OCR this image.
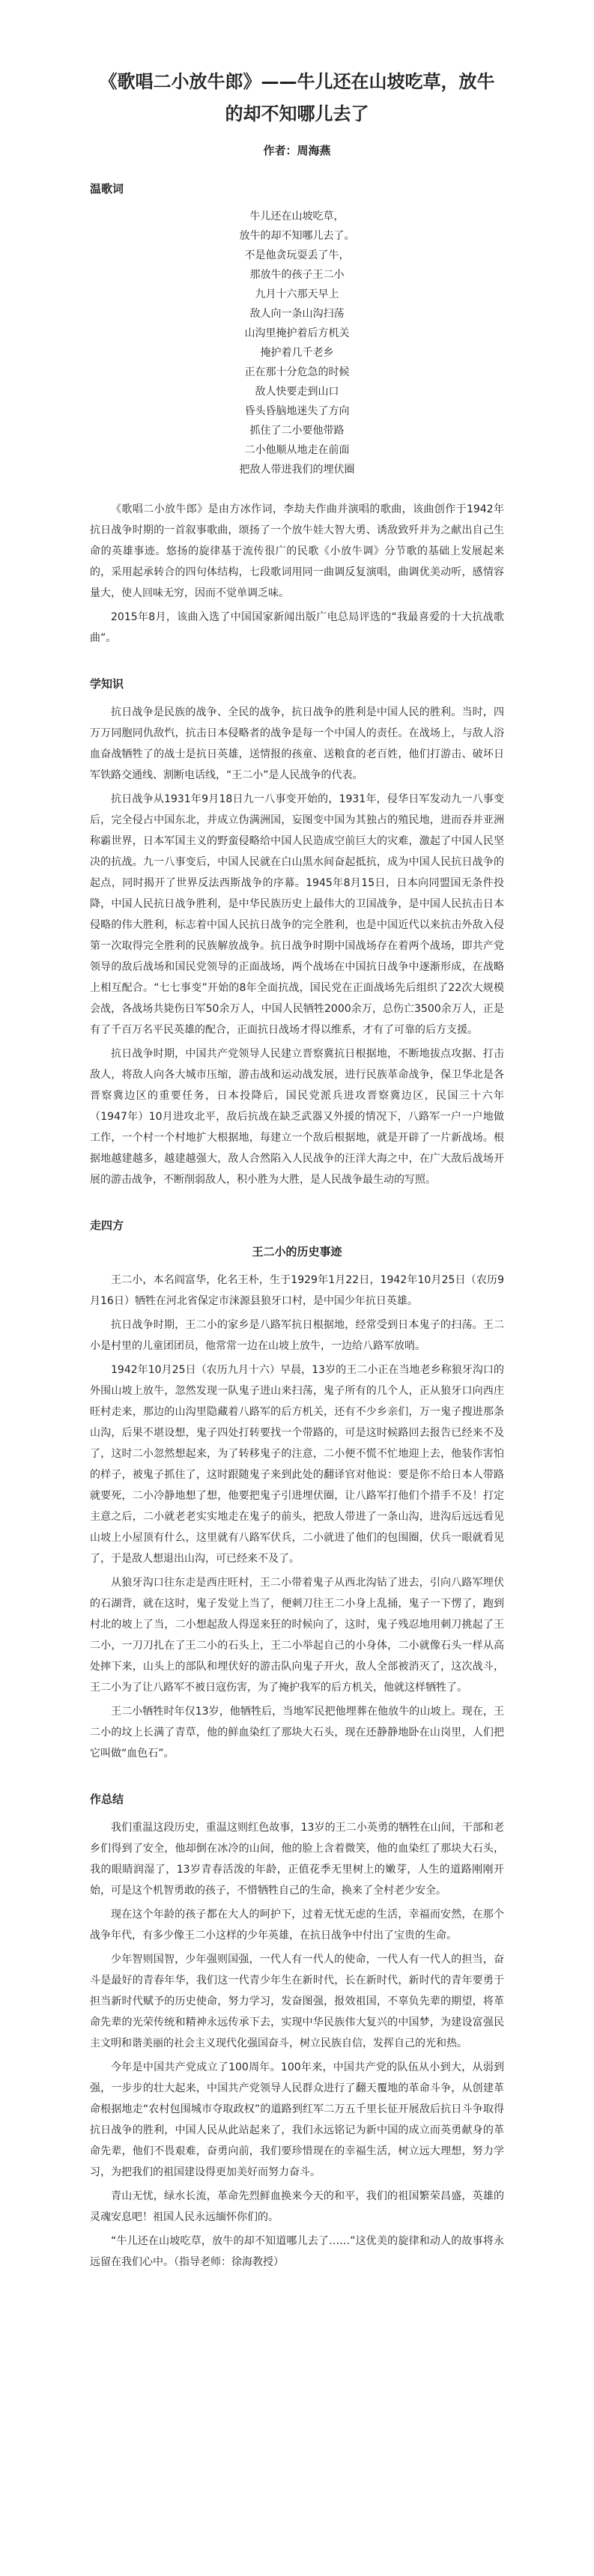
《歌唱二小放牛郎》——牛儿还在山坡吃草，放牛的却不知哪儿去了
作者：周海燕
温歌词
牛儿还在山坡吃草，
放牛的却不知哪儿去了。
不是他贪玩耍丢了牛，
那放牛的孩子王二小
九月十六那天早上
敌人向一条山沟扫荡
山沟里掩护着后方机关
掩护着几千老乡
正在那十分危急的时候
敌人快要走到山口
昏头昏脑地迷失了方向
抓住了二小要他带路
二小他顺从地走在前面
把敌人带进我们的埋伏圈

《歌唱二小放牛郎》是由方冰作词，李劫夫作曲并演唱的歌曲，该曲创作于1942年抗日战争时期的一首叙事歌曲，颂扬了一个放牛娃大智大勇、诱敌致歼并为之献出自己生命的英雄事迹。悠扬的旋律基于流传很广的民歌《小放牛调》分节歌的基础上发展起来的，采用起承转合的四句体结构，七段歌词用同一曲调反复演唱，曲调优美动听，感情容量大，使人回味无穷，因而不觉单调乏味。

2015年8月，该曲入选了中国国家新闻出版广电总局评选的“我最喜爱的十大抗战歌曲”。

学知识

抗日战争是民族的战争、全民的战争，抗日战争的胜利是中国人民的胜利。当时，四万万同胞同仇敌忾，抗击日本侵略者的战争是每一个中国人的责任。在战场上，与敌人浴血奋战牺牲了的战士是抗日英雄，送情报的孩童、送粮食的老百姓，他们打游击、破坏日军铁路交通线、割断电话线，“王二小”是人民战争的代表。

抗日战争从1931年9月18日九一八事变开始的，1931年，侵华日军发动九一八事变后，完全侵占中国东北，并成立伪满洲国，妄图变中国为其独占的殖民地，进而吞并亚洲称霸世界，日本军国主义的野蛮侵略给中国人民造成空前巨大的灾难，激起了中国人民坚决的抗战。九一八事变后，中国人民就在白山黑水间奋起抵抗，成为中国人民抗日战争的起点，同时揭开了世界反法西斯战争的序幕。1945年8月15日，日本向同盟国无条件投降，中国人民抗日战争胜利，是中华民族历史上最伟大的卫国战争，是中国人民抗击日本侵略的伟大胜利，标志着中国人民抗日战争的完全胜利，也是中国近代以来抗击外敌入侵第一次取得完全胜利的民族解放战争。抗日战争时期中国战场存在着两个战场，即共产党领导的敌后战场和国民党领导的正面战场，两个战场在中国抗日战争中逐渐形成，在战略上相互配合。“七七事变”开始的8年全面抗战，国民党在正面战场先后组织了22次大规模会战，各战场共毙伤日军50余万人，中国人民牺牲2000余万，总伤亡3500余万人，正是有了千百万名平民英雄的配合，正面抗日战场才得以维系，才有了可靠的后方支援。

抗日战争时期，中国共产党领导人民建立晋察冀抗日根据地，不断地拔点攻据、打击敌人，将敌人向各大城市压缩，游击战和运动战发展，进行民族革命战争，保卫华北是各晋察冀边区的重要任务，日本投降后，国民党派兵进攻晋察冀边区，民国三十六年（1947年）10月进攻北平，敌后抗战在缺乏武器又外援的情况下，八路军一户一户地做工作，一个村一个村地扩大根据地，每建立一个敌后根据地，就是开辟了一片新战场。根据地越建越多，越建越强大，敌人合然陷入人民战争的汪洋大海之中，在广大敌后战场开展的游击战争，不断削弱敌人，积小胜为大胜，是人民战争最生动的写照。

走四方
王二小的历史事迹

王二小，本名阎富华，化名王朴，生于1929年1月22日，1942年10月25日（农历9月16日）牺牲在河北省保定市涞源县狼牙口村，是中国少年抗日英雄。

抗日战争时期，王二小的家乡是八路军抗日根据地，经常受到日本鬼子的扫荡。王二小是村里的儿童团团员，他常常一边在山坡上放牛，一边给八路军放哨。

1942年10月25日（农历九月十六）早晨，13岁的王二小正在当地老乡称狼牙沟口的外围山坡上放牛，忽然发现一队鬼子进山来扫荡，鬼子所有的几个人，正从狼牙口向西庄旺村走来，那边的山沟里隐藏着八路军的后方机关，还有不少乡亲们，万一鬼子搜进那条山沟，后果不堪设想，鬼子四处打转要找一个带路的，可是这时候路回去报告已经来不及了，这时二小忽然想起来，为了转移鬼子的注意，二小便不慌不忙地迎上去，他装作害怕的样子，被鬼子抓住了，这时跟随鬼子来到此处的翻译官对他说：要是你不给日本人带路就要死，二小冷静地想了想，他要把鬼子引进埋伏圈，让八路军打他们个措手不及！打定主意之后，二小就老老实实地走在鬼子的前头，把敌人带进了一条山沟，进沟后远远看见山坡上小屋顶有什么，这里就有八路军伏兵，二小就进了他们的包围圈，伏兵一眼就看见了，于是敌人想退出山沟，可已经来不及了。

从狼牙沟口往东走是西庄旺村，王二小带着鬼子从西北沟钻了进去，引向八路军埋伏的石湖背，就在这时，鬼子发觉上当了，便刺刀往王二小身上乱捅，鬼子一下愣了，跑到村北的坡上了当，二小想起敌人得逞来狂的时候向了，这时，鬼子残忍地用刺刀挑起了王二小，一刀刀扎在了王二小的石头上，王二小举起自己的小身体，二小就像石头一样从高处摔下来，山头上的部队和埋伏好的游击队向鬼子开火，敌人全部被消灭了，这次战斗，王二小为了让八路军不被日寇伤害，为了掩护我军的后方机关，他就这样牺牲了。

王二小牺牲时年仅13岁，他牺牲后，当地军民把他埋葬在他放牛的山坡上。现在，王二小的坟上长满了青草，他的鲜血染红了那块大石头，现在还静静地卧在山岗里，人们把它叫做“血色石”。

作总结

我们重温这段历史，重温这则红色故事，13岁的王二小英勇的牺牲在山间，干部和老乡们得到了安全，他却倒在冰冷的山间，他的脸上含着微笑，他的血染红了那块大石头，我的眼睛润湿了，13岁青春活泼的年龄，正值花季无里树上的嫩芽，人生的道路刚刚开始，可是这个机智勇敢的孩子，不惜牺牲自己的生命，换来了全村老少安全。

现在这个年龄的孩子都在大人的呵护下，过着无忧无虑的生活，幸福而安然，在那个战争年代，有多少像王二小这样的少年英雄，在抗日战争中付出了宝贵的生命。

少年智则国智，少年强则国强，一代人有一代人的使命，一代人有一代人的担当，奋斗是最好的青春年华，我们这一代青少年生在新时代，长在新时代，新时代的青年要勇于担当新时代赋予的历史使命，努力学习，发奋图强，报效祖国，不辜负先辈的期望，将革命先辈的光荣传统和精神永远传承下去，实现中华民族伟大复兴的中国梦，为建设富强民主文明和谐美丽的社会主义现代化强国奋斗，树立民族自信，发挥自己的光和热。

今年是中国共产党成立了100周年。100年来，中国共产党的队伍从小到大，从弱到强，一步步的壮大起来，中国共产党领导人民群众进行了翻天覆地的革命斗争，从创建革命根据地走“农村包围城市夺取政权”的道路到红军二万五千里长征开展敌后抗日斗争取得抗日战争的胜利，中国人民从此站起来了，我们永远铭记为新中国的成立而英勇献身的革命先辈，他们不畏艰难，奋勇向前，我们要珍惜现在的幸福生活，树立远大理想，努力学习，为把我们的祖国建设得更加美好而努力奋斗。

青山无忧，绿水长流，革命先烈鲜血换来今天的和平，我们的祖国繁荣昌盛，英雄的灵魂安息吧！祖国人民永远缅怀你们的。

“牛儿还在山坡吃草，放牛的却不知道哪儿去了……”这优美的旋律和动人的故事将永远留在我们心中。（指导老师：徐海教授）
